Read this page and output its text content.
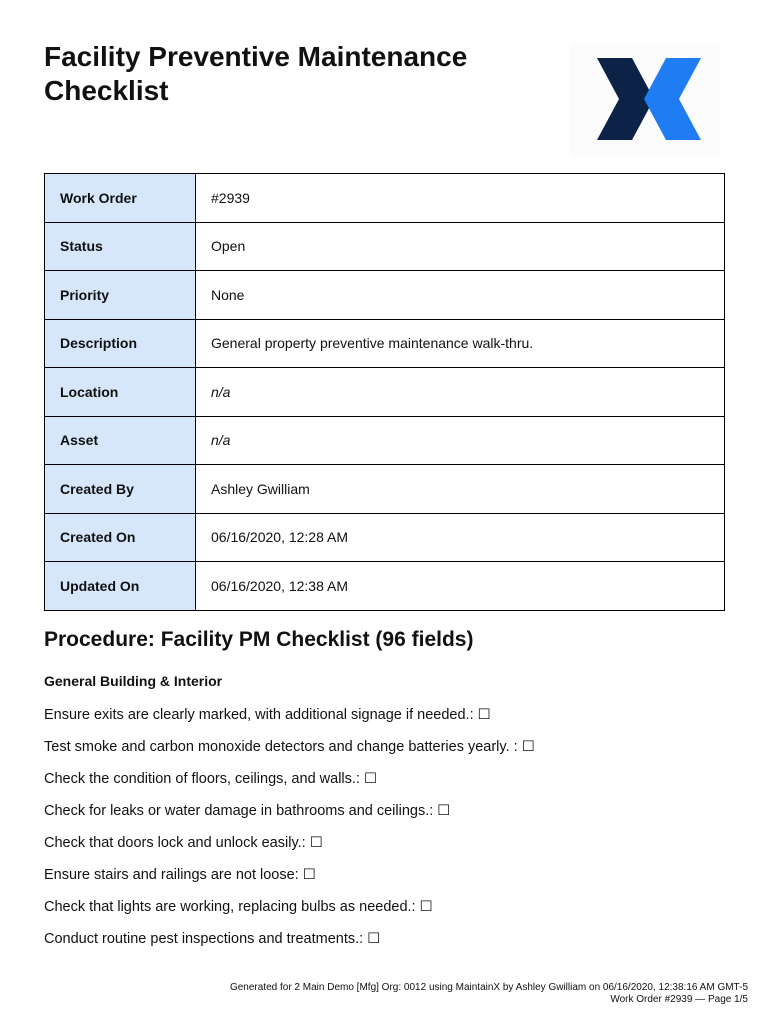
Facility Preventive Maintenance Checklist
Work Order	#2939
Status	Open
Priority	None
Description	General property preventive maintenance walk-thru.
Location	n/a
Asset	n/a
Created By	Ashley Gwilliam
Created On	06/16/2020, 12:28 AM
Updated On	06/16/2020, 12:38 AM
Procedure: Facility PM Checklist (96 fields)
General Building & Interior
Ensure exits are clearly marked, with additional signage if needed.: ☐
Test smoke and carbon monoxide detectors and change batteries yearly. : ☐
Check the condition of floors, ceilings, and walls.: ☐
Check for leaks or water damage in bathrooms and ceilings.: ☐
Check that doors lock and unlock easily.: ☐
Ensure stairs and railings are not loose: ☐
Check that lights are working, replacing bulbs as needed.: ☐
Conduct routine pest inspections and treatments.: ☐
Generated for 2 Main Demo [Mfg] Org: 0012 using MaintainX by Ashley Gwilliam on 06/16/2020, 12:38:16 AM GMT-5
Work Order #2939 — Page 1/5
